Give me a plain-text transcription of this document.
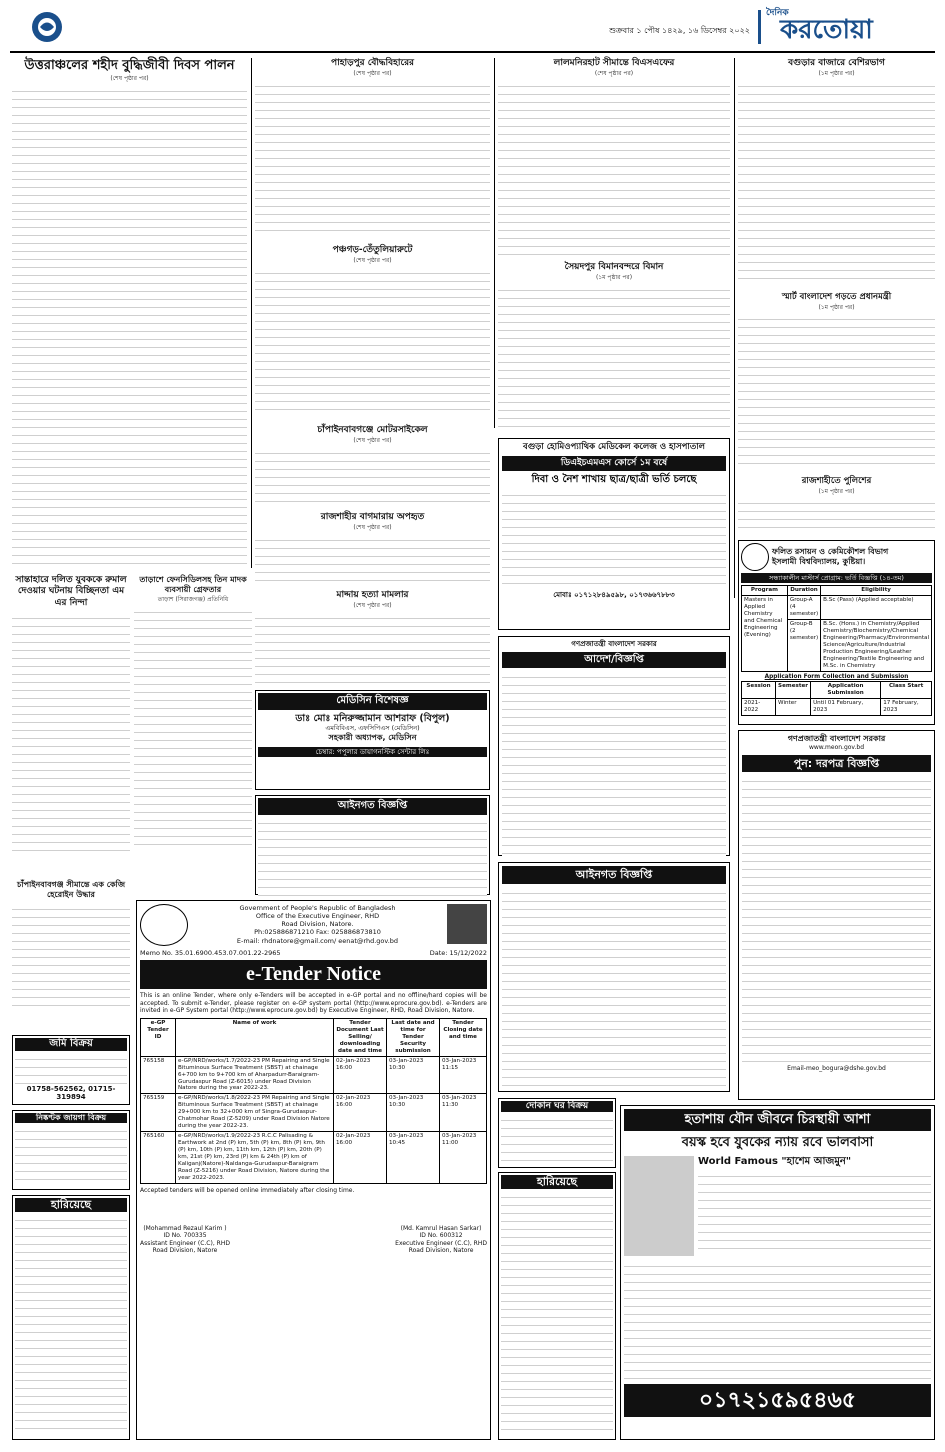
শুক্রবার ১ পৌষ ১৪২৯, ১৬ ডিসেম্বর ২০২২
দৈনিক
করতোয়া
উত্তরাঞ্চলের শহীদ বুদ্ধিজীবী দিবস পালন
(শেষ পৃষ্ঠার পর)
পাহাড়পুর বৌদ্ধবিহারের
(শেষ পৃষ্ঠার পর)
পঞ্চগড়-তেঁতুলিয়ারুটে
(শেষ পৃষ্ঠার পর)
চাঁপাইনবাবগঞ্জে মোটরসাইকেল
(শেষ পৃষ্ঠার পর)
রাজশাহীর বাগমারায় অপহৃত
(শেষ পৃষ্ঠার পর)
লালমনিরহাট সীমান্তে বিএসএফের
(শেষ পৃষ্ঠার পর)
সৈয়দপুর বিমানবন্দরে বিমান
(১ম পৃষ্ঠার পর)
বগুড়ার বাজারে বেশিরভাগ
(১ম পৃষ্ঠার পর)
স্মার্ট বাংলাদেশ গড়তে প্রধানমন্ত্রী
(১ম পৃষ্ঠার পর)
রাজশাহীতে পুলিশের
(১ম পৃষ্ঠার পর)
ফলিত রসায়ন ও কেমিকৌশল বিভাগ
ইসলামী বিশ্ববিদ্যালয়, কুষ্টিয়া।
সন্ধ্যাকালীন মাস্টার্স প্রোগ্রাম: ভর্তি বিজ্ঞপ্তি (১৪-তম)
Program	Duration	Eligibility
Masters in Applied Chemistry and Chemical Engineering (Evening)	Group-A (4 semester)	B.Sc (Pass) (Applied acceptable)
	Group-B (2 semester)	B.Sc. (Hons.) in Chemistry/Applied Chemistry/Biochemistry/Chemical Engineering/Pharmacy/Environmental Science/Agriculture/Industrial Production Engineering/Leather Engineering/Textile Engineering and M.Sc. in Chemistry
Application Form Collection and Submission
Session	Semester	Application Submission	Class Start
2021-2022	Winter	Until 01 February, 2023	17 February, 2023
বগুড়া হোমিওপ্যাথিক মেডিকেল কলেজ ও হাসপাতাল
ডিএইচএমএস কোর্সে ১ম বর্ষে
দিবা ও নৈশ শাখায় ছাত্র/ছাত্রী ভর্তি চলছে
মোবাঃ ০১৭১২৮৪৯৫৯৮, ০১৭৩৬৬৭৮৮৩
গণপ্রজাতন্ত্রী বাংলাদেশ সরকার
www.meon.gov.bd
পুন: দরপত্র বিজ্ঞপ্তি
Email-meo_bogura@dshe.gov.bd
সান্তাহারে দলিত যুবককে রুমাল দেওয়ার ঘটনায় বিচ্ছিনতা এম এর নিন্দা
তাড়াশে ফেনসিডিলসহ তিন মাদক ব্যবসায়ী গ্রেফতার
তাড়াশ (সিরাজগঞ্জ) প্রতিনিধি
চাঁপাইনবাবগঞ্জ সীমান্তে এক কেজি হেরোইন উদ্ধার
মাদ্দায় হত্যা মামলার
(শেষ পৃষ্ঠার পর)
মেডিসিন বিশেষজ্ঞ
ডাঃ মোঃ মনিরুজ্জামান আশরাফ (বিপুল)
এমবিবিএস, এফসিপিএস (মেডিসিন)
সহকারী অধ্যাপক, মেডিসিন
চেম্বার: পপুলার ডায়াগনস্টিক সেন্টার লিঃ
আইনগত বিজ্ঞপ্তি
গণপ্রজাতন্ত্রী বাংলাদেশ সরকার
আদেশ/বিজ্ঞপ্তি
আইনগত বিজ্ঞপ্তি
জমি বিক্রয়
01758-562562, 01715-319894
নিষ্কণ্টক জায়গা বিক্রয়
হারিয়েছে
Government of People's Republic of Bangladesh
Office of the Executive Engineer, RHD
Road Division, Natore.
Ph:025886871210 Fax: 025886873810
E-mail: rhdnatore@gmail.com/ eenat@rhd.gov.bd
Memo No. 35.01.6900.453.07.001.22-2965	Date: 15/12/2022
e-Tender Notice
This is an online Tender, where only e-Tenders will be accepted in e-GP portal and no offline/hard copies will be accepted. To submit e-Tender, please register on e-GP system portal (http://www.eprocure.gov.bd). e-Tenders are invited in e-GP System portal (http://www.eprocure.gov.bd) by Executive Engineer, RHD, Road Division, Natore.
e-GP Tender ID	Name of work	Tender Document Last Selling/ downloading date and time	Last date and time for Tender Security submission	Tender Closing date and time
765158	e-GP/NRD/works/1.7/2022-23 PM Repairing and Single Bituminous Surface Treatment (SBST) at chainage 6+700 km to 9+700 km of Aharpadurr-Baraigram-Gurudaspur Road (Z-6015) under Road Division Natore during the year 2022-23.	02-Jan-2023 16:00	03-Jan-2023 10:30	03-Jan-2023 11:15
765159	e-GP/NRD/works/1.8/2022-23 PM Repairing and Single Bituminous Surface Treatment (SBST) at chainage 29+000 km to 32+000 km of Singra-Gurudaspur-Chatmohar Road (Z-5209) under Road Division Natore during the year 2022-23.	02-Jan-2023 16:00	03-Jan-2023 10:30	03-Jan-2023 11:30
765160	e-GP/NRD/works/1.9/2022-23 R.C.C Palisading & Earthwork at 2nd (P) km, 5th (P) km, 8th (P) km, 9th (P) km, 10th (P) km, 11th km, 12th (P) km, 20th (P) km, 21st (P) km, 23rd (P) km & 24th (P) km of Kaliganj(Natore)-Naldanga-Gurudaspur-Baraigram Road (Z-5216) under Road Division, Natore during the year 2022-2023.	02-Jan-2023 16:00	03-Jan-2023 10:45	03-Jan-2023 11:00
Accepted tenders will be opened online immediately after closing time.
(Mohammad Rezaul Karim )
ID No. 700335
Assistant Engineer (C.C), RHD
Road Division, Natore
(Md. Kamrul Hasan Sarkar)
ID No. 600312
Executive Engineer (C.C), RHD
Road Division, Natore
দোকান ঘর বিক্রয়
হারিয়েছে
হতাশায় যৌন জীবনে চিরস্থায়ী আশা
বয়স্ক হবে যুবকের ন্যায় রবে ভালবাসা
World Famous "হাশেম আজমুন"
০১৭২১৫৯৫৪৬৫
